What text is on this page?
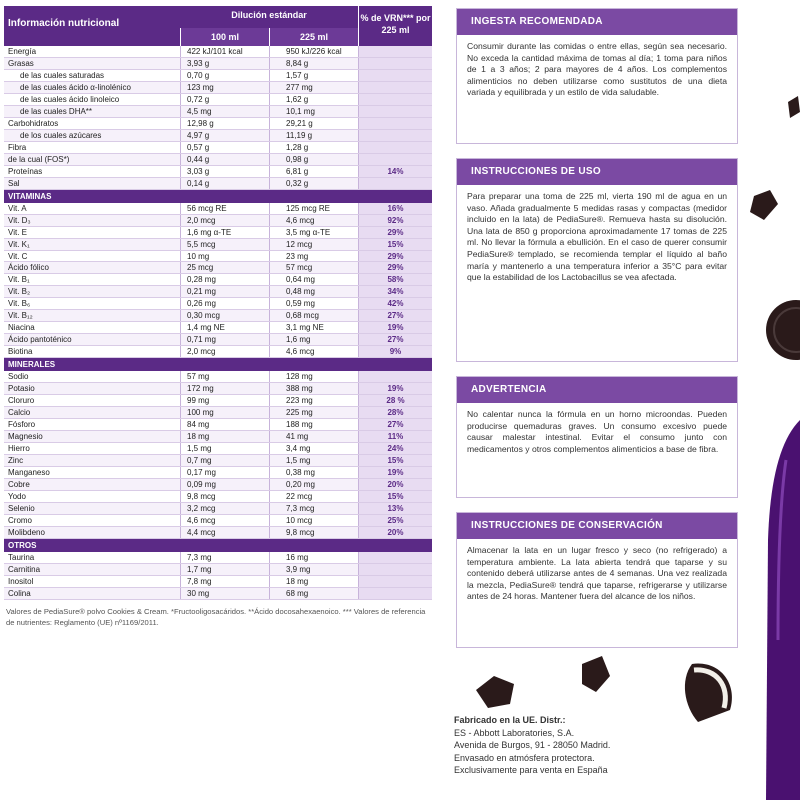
Información nutricional
Dilución estándar
100 ml	225 ml
% de VRN*** por 225 ml
Energía	422 kJ/101 kcal	950 kJ/226 kcal
Grasas	3,93 g	8,84 g
de las cuales saturadas	0,70 g	1,57 g
de las cuales ácido α-linolénico	123 mg	277 mg
de las cuales ácido linoleico	0,72 g	1,62 g
de las cuales DHA**	4,5 mg	10,1 mg
Carbohidratos	12,98 g	29,21 g
de los cuales azúcares	4,97 g	11,19 g
Fibra	0,57 g	1,28 g
de la cual (FOS*)	0,44 g	0,98 g
Proteínas	3,03 g	6,81 g	14%
Sal	0,14 g	0,32 g
VITAMINAS
Vit. A	56 mcg RE	125 mcg RE	16%
Vit. D₃	2,0 mcg	4,6 mcg	92%
Vit. E	1,6 mg α-TE	3,5 mg α-TE	29%
Vit. K₁	5,5 mcg	12 mcg	15%
Vit. C	10 mg	23 mg	29%
Ácido fólico	25 mcg	57 mcg	29%
Vit. B₁	0,28 mg	0,64 mg	58%
Vit. B₂	0,21 mg	0,48 mg	34%
Vit. B₆	0,26 mg	0,59 mg	42%
Vit. B₁₂	0,30 mcg	0,68 mcg	27%
Niacina	1,4 mg NE	3,1 mg NE	19%
Ácido pantoténico	0,71 mg	1,6 mg	27%
Biotina	2,0 mcg	4,6 mcg	9%
MINERALES
Sodio	57 mg	128 mg
Potasio	172 mg	388 mg	19%
Cloruro	99 mg	223 mg	28 %
Calcio	100 mg	225 mg	28%
Fósforo	84 mg	188 mg	27%
Magnesio	18 mg	41 mg	11%
Hierro	1,5 mg	3,4 mg	24%
Zinc	0,7 mg	1,5 mg	15%
Manganeso	0,17 mg	0,38 mg	19%
Cobre	0,09 mg	0,20 mg	20%
Yodo	9,8 mcg	22 mcg	15%
Selenio	3,2 mcg	7,3 mcg	13%
Cromo	4,6 mcg	10 mcg	25%
Molibdeno	4,4 mcg	9,8 mcg	20%
OTROS
Taurina	7,3 mg	16 mg
Carnitina	1,7 mg	3,9 mg
Inositol	7,8 mg	18 mg
Colina	30 mg	68 mg
Valores de PediaSure® polvo Cookies & Cream. *Fructooligosacáridos. **Ácido docosahexaenoico. *** Valores de referencia de nutrientes: Reglamento (UE) nº1169/2011.
INGESTA RECOMENDADA
Consumir durante las comidas o entre ellas, según sea necesario. No exceda la cantidad máxima de tomas al día; 1 toma para niños de 1 a 3 años; 2 para mayores de 4 años. Los complementos alimenticios no deben utilizarse como sustitutos de una dieta variada y equilibrada y un estilo de vida saludable.
INSTRUCCIONES DE USO
Para preparar una toma de 225 ml, vierta 190 ml de agua en un vaso. Añada gradualmente 5 medidas rasas y compactas (medidor incluido en la lata) de PediaSure®. Remueva hasta su disolución. Una lata de 850 g proporciona aproximadamente 17 tomas de 225 ml. No llevar la fórmula a ebullición. En el caso de querer consumir PediaSure® templado, se recomienda templar el líquido al baño maría y mantenerlo a una temperatura inferior a 35°C para evitar que la estabilidad de los Lactobacillus se vea afectada.
ADVERTENCIA
No calentar nunca la fórmula en un horno microondas. Pueden producirse quemaduras graves. Un consumo excesivo puede causar malestar intestinal. Evitar el consumo junto con medicamentos y otros complementos alimenticios a base de fibra.
INSTRUCCIONES DE CONSERVACIÓN
Almacenar la lata en un lugar fresco y seco (no refrigerado) a temperatura ambiente. La lata abierta tendrá que taparse y su contenido deberá utilizarse antes de 4 semanas. Una vez realizada la mezcla, PediaSure® tendrá que taparse, refrigerarse y utilizarse antes de 24 horas. Mantener fuera del alcance de los niños.
Fabricado en la UE. Distr.:
ES - Abbott Laboratories, S.A.
Avenida de Burgos, 91 - 28050 Madrid.
Envasado en atmósfera protectora.
Exclusivamente para venta en España
